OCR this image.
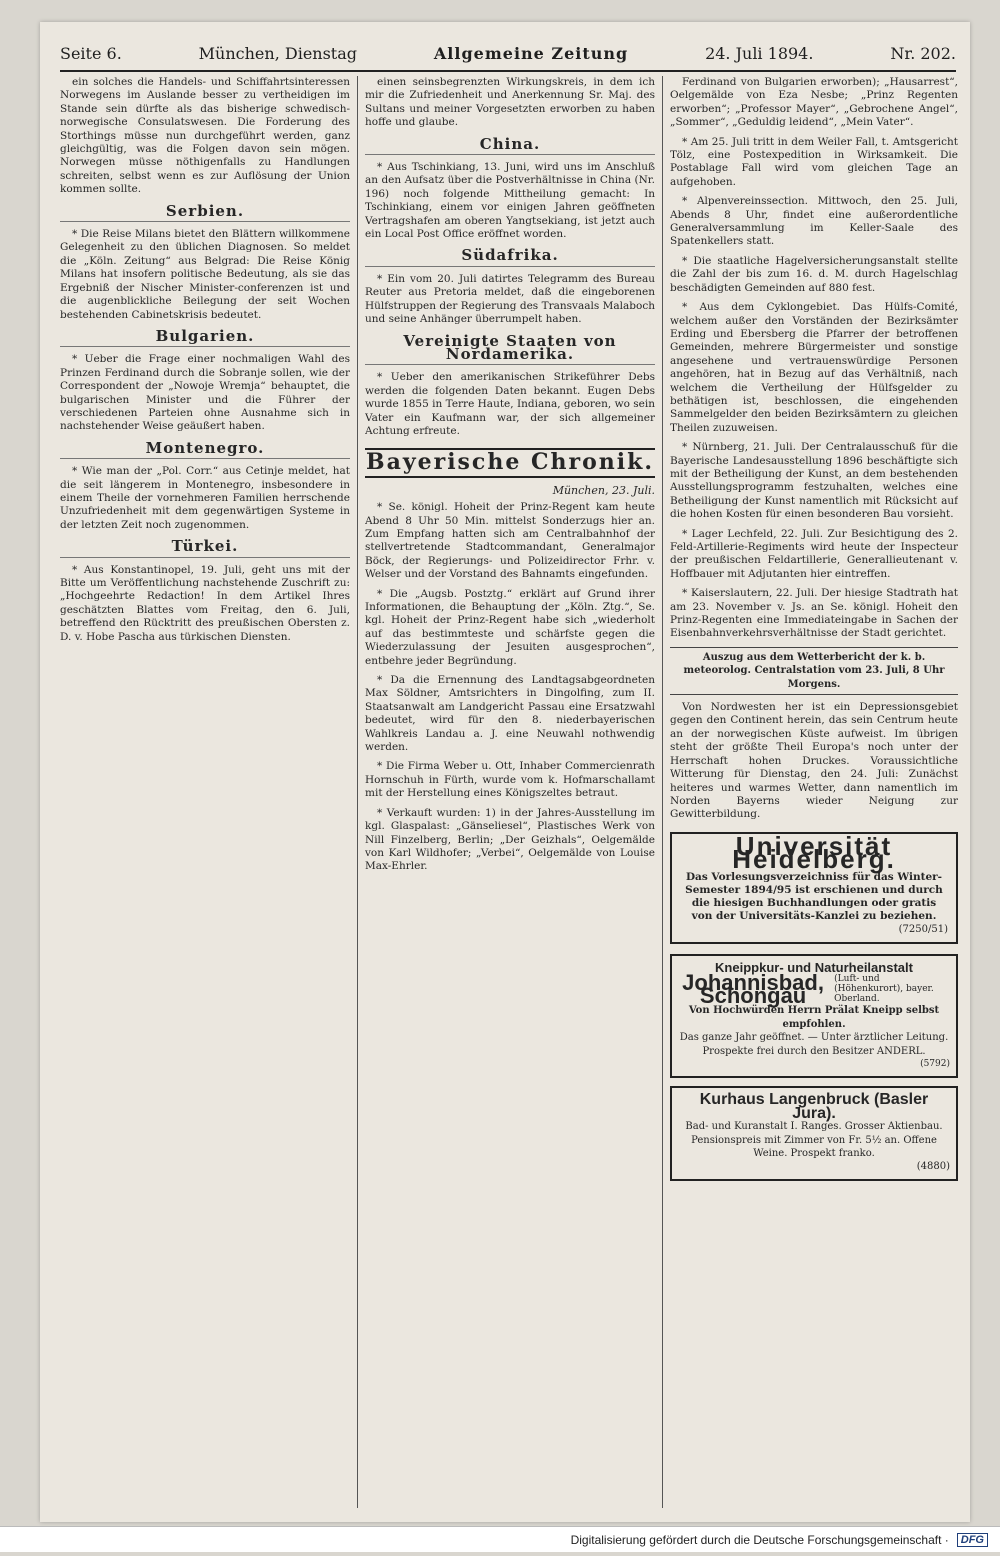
Seite 6.	München, Dienstag	Allgemeine Zeitung	24. Juli 1894.	Nr. 202.

ein solches die Handels- und Schiffahrtsinteressen Norwegens im Auslande besser zu vertheidigen im Stande sein dürfte als das bisherige schwedisch-norwegische Consulatswesen. Die Forderung des Storthings müsse nun durchgeführt werden, ganz gleichgültig, was die Folgen davon sein mögen. Norwegen müsse nöthigenfalls zu Handlungen schreiten, selbst wenn es zur Auflösung der Union kommen sollte.

Serbien.

* Die Reise Milans bietet den Blättern willkommene Gelegenheit zu den üblichen Diagnosen. So meldet die „Köln. Zeitung“ aus Belgrad: Die Reise König Milans hat insofern politische Bedeutung, als sie das Ergebniß der Nischer Minister-conferenzen ist und die augenblickliche Beilegung der seit Wochen bestehenden Cabinetskrisis bedeutet.

Bulgarien.

* Ueber die Frage einer nochmaligen Wahl des Prinzen Ferdinand durch die Sobranje sollen, wie der Correspondent der „Nowoje Wremja“ behauptet, die bulgarischen Minister und die Führer der verschiedenen Parteien ohne Ausnahme sich in nachstehender Weise geäußert haben.

Montenegro.

* Wie man der „Pol. Corr.“ aus Cetinje meldet, hat die seit längerem in Montenegro, insbesondere in einem Theile der vornehmeren Familien herrschende Unzufriedenheit mit dem gegenwärtigen Systeme in der letzten Zeit noch zugenommen.

Türkei.

* Aus Konstantinopel, 19. Juli, geht uns mit der Bitte um Veröffentlichung nachstehende Zuschrift zu: „Hochgeehrte Redaction! In dem Artikel Ihres geschätzten Blattes vom Freitag, den 6. Juli, betreffend den Rücktritt des preußischen Obersten z. D. v. Hobe Pascha aus türkischen Diensten.

einen seinsbegrenzten Wirkungskreis, in dem ich mir die Zufriedenheit und Anerkennung Sr. Maj. des Sultans und meiner Vorgesetzten erworben zu haben hoffe und glaube.

China.

* Aus Tschinkiang, 13. Juni, wird uns im Anschluß an den Aufsatz über die Postverhältnisse in China (Nr. 196) noch folgende Mittheilung gemacht: In Tschinkiang, einem vor einigen Jahren geöffneten Vertragshafen am oberen Yangtsekiang, ist jetzt auch ein Local Post Office eröffnet worden.

Südafrika.

* Ein vom 20. Juli datirtes Telegramm des Bureau Reuter aus Pretoria meldet, daß die eingeborenen Hülfstruppen der Regierung des Transvaals Malaboch und seine Anhänger überrumpelt haben.

Vereinigte Staaten von Nordamerika.

* Ueber den amerikanischen Strikeführer Debs werden die folgenden Daten bekannt. Eugen Debs wurde 1855 in Terre Haute, Indiana, geboren, wo sein Vater ein Kaufmann war, der sich allgemeiner Achtung erfreute.

Bayerische Chronik.
München, 23. Juli.

* Se. königl. Hoheit der Prinz-Regent kam heute Abend 8 Uhr 50 Min. mittelst Sonderzugs hier an. Zum Empfang hatten sich am Centralbahnhof der stellvertretende Stadtcommandant, Generalmajor Böck, der Regierungs- und Polizeidirector Frhr. v. Welser und der Vorstand des Bahnamts eingefunden.

* Die „Augsb. Postztg.“ erklärt auf Grund ihrer Informationen, die Behauptung der „Köln. Ztg.“, Se. kgl. Hoheit der Prinz-Regent habe sich „wiederholt auf das bestimmteste und schärfste gegen die Wiederzulassung der Jesuiten ausgesprochen“, entbehre jeder Begründung.

* Da die Ernennung des Landtagsabgeordneten Max Söldner, Amtsrichters in Dingolfing, zum II. Staatsanwalt am Landgericht Passau eine Ersatzwahl bedeutet, wird für den 8. niederbayerischen Wahlkreis Landau a. J. eine Neuwahl nothwendig werden.

* Die Firma Weber u. Ott, Inhaber Commercienrath Hornschuh in Fürth, wurde vom k. Hofmarschallamt mit der Herstellung eines Königszeltes betraut.

* Verkauft wurden: 1) in der Jahres-Ausstellung im kgl. Glaspalast: „Gänseliesel“, Plastisches Werk von Nill Finzelberg, Berlin; „Der Geizhals“, Oelgemälde von Karl Wildhofer; „Verbei“, Oelgemälde von Louise Max-Ehrler.

Ferdinand von Bulgarien erworben); „Hausarrest“, Oelgemälde von Eza Nesbe; „Prinz Regenten erworben“; „Professor Mayer“, „Gebrochene Angel“, „Sommer“, „Geduldig leidend“, „Mein Vater“.

* Am 25. Juli tritt in dem Weiler Fall, t. Amtsgericht Tölz, eine Postexpedition in Wirksamkeit. Die Postablage Fall wird vom gleichen Tage an aufgehoben.

* Alpenvereinssection. Mittwoch, den 25. Juli, Abends 8 Uhr, findet eine außerordentliche Generalversammlung im Keller-Saale des Spatenkellers statt.

* Die staatliche Hagelversicherungsanstalt stellte die Zahl der bis zum 16. d. M. durch Hagelschlag beschädigten Gemeinden auf 880 fest.

* Aus dem Cyklongebiet. Das Hülfs-Comité, welchem außer den Vorständen der Bezirksämter Erding und Ebersberg die Pfarrer der betroffenen Gemeinden, mehrere Bürgermeister und sonstige angesehene und vertrauenswürdige Personen angehören, hat in Bezug auf das Verhältniß, nach welchem die Vertheilung der Hülfsgelder zu bethätigen ist, beschlossen, die eingehenden Sammelgelder den beiden Bezirksämtern zu gleichen Theilen zuzuweisen.

* Nürnberg, 21. Juli. Der Centralausschuß für die Bayerische Landesausstellung 1896 beschäftigte sich mit der Betheiligung der Kunst, an dem bestehenden Ausstellungsprogramm festzuhalten, welches eine Betheiligung der Kunst namentlich mit Rücksicht auf die hohen Kosten für einen besonderen Bau vorsieht.

* Lager Lechfeld, 22. Juli. Zur Besichtigung des 2. Feld-Artillerie-Regiments wird heute der Inspecteur der preußischen Feldartillerie, Generallieutenant v. Hoffbauer mit Adjutanten hier eintreffen.

* Kaiserslautern, 22. Juli. Der hiesige Stadtrath hat am 23. November v. Js. an Se. königl. Hoheit den Prinz-Regenten eine Immediateingabe in Sachen der Eisenbahnverkehrsverhältnisse der Stadt gerichtet.

Auszug aus dem Wetterbericht der k. b. meteorolog. Centralstation vom 23. Juli, 8 Uhr Morgens.

Von Nordwesten her ist ein Depressionsgebiet gegen den Continent herein, das sein Centrum heute an der norwegischen Küste aufweist. Im übrigen steht der größte Theil Europa's noch unter der Herrschaft hohen Druckes. Voraussichtliche Witterung für Dienstag, den 24. Juli: Zunächst heiteres und warmes Wetter, dann namentlich im Norden Bayerns wieder Neigung zur Gewitterbildung.

Universität Heidelberg.
Das Vorlesungsverzeichniss für das Winter-Semester 1894/95 ist erschienen und durch die hiesigen Buchhandlungen oder gratis von der Universitäts-Kanzlei zu beziehen.
(7250/51)
Kneippkur- und Naturheilanstalt
Johannisbad, Schongau
(Luft- und (Höhenkurort), bayer. Oberland.
Von Hochwürden Herrn Prälat Kneipp selbst empfohlen.
Das ganze Jahr geöffnet. — Unter ärztlicher Leitung.
Prospekte frei durch den Besitzer ANDERL.
(5792)
Kurhaus Langenbruck (Basler Jura).
Bad- und Kuranstalt I. Ranges. Grosser Aktienbau. Pensionspreis mit Zimmer von Fr. 5½ an. Offene Weine. Prospekt franko.
(4880)
Digitalisierung gefördert durch die Deutsche Forschungsgemeinschaft ·	DFG
